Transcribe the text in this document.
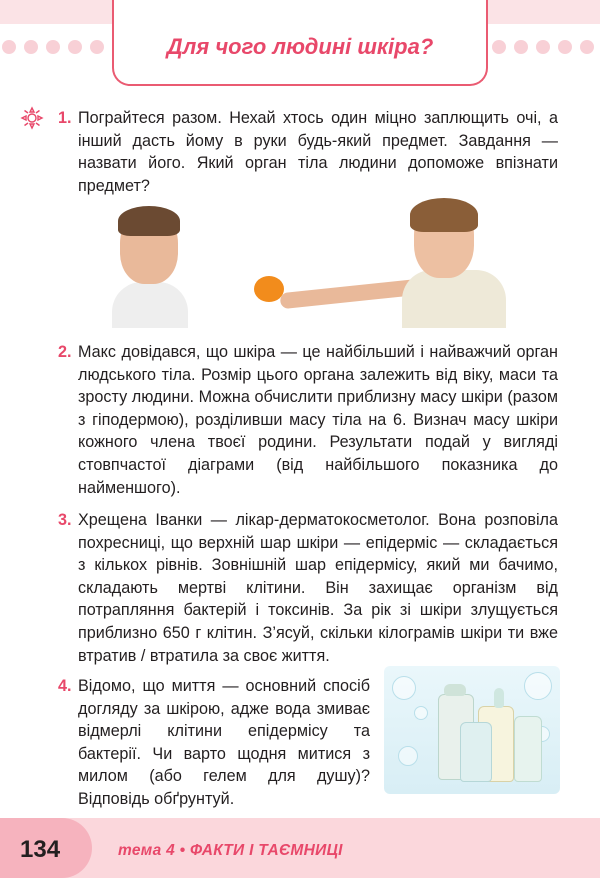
Для чого людині шкіра?
1. Пограйтеся разом. Нехай хтось один міцно заплющить очі, а інший дасть йому в руки будь-який предмет. Завдання — назвати його. Який орган тіла людини допоможе впізнати предмет?
2. Макс довідався, що шкіра — це найбільший і найважчий орган людського тіла. Розмір цього органа залежить від віку, маси та зросту людини. Можна обчислити приблизну масу шкіри (разом з гіподермою), розділивши масу тіла на 6. Визнач масу шкіри кожного члена твоєї родини. Результати подай у вигляді стовпчастої діаграми (від найбільшого показника до найменшого).
3. Хрещена Іванки — лікар-дерматокосметолог. Вона розповіла похресниці, що верхній шар шкіри — епідерміс — складається з кількох рівнів. Зовнішній шар епідермісу, який ми бачимо, складають мертві клітини. Він захищає організм від потрапляння бактерій і токсинів. За рік зі шкіри злущується приблизно 650 г клітин. З’ясуй, скільки кілограмів шкіри ти вже втратив / втратила за своє життя.
4. Відомо, що миття — основний спосіб догляду за шкірою, адже вода змиває відмерлі клітини епідермісу та бактерії. Чи варто щодня митися з милом (або гелем для душу)? Відповідь обґрунтуй.
134	тема 4 • ФАКТИ І ТАЄМНИЦІ
